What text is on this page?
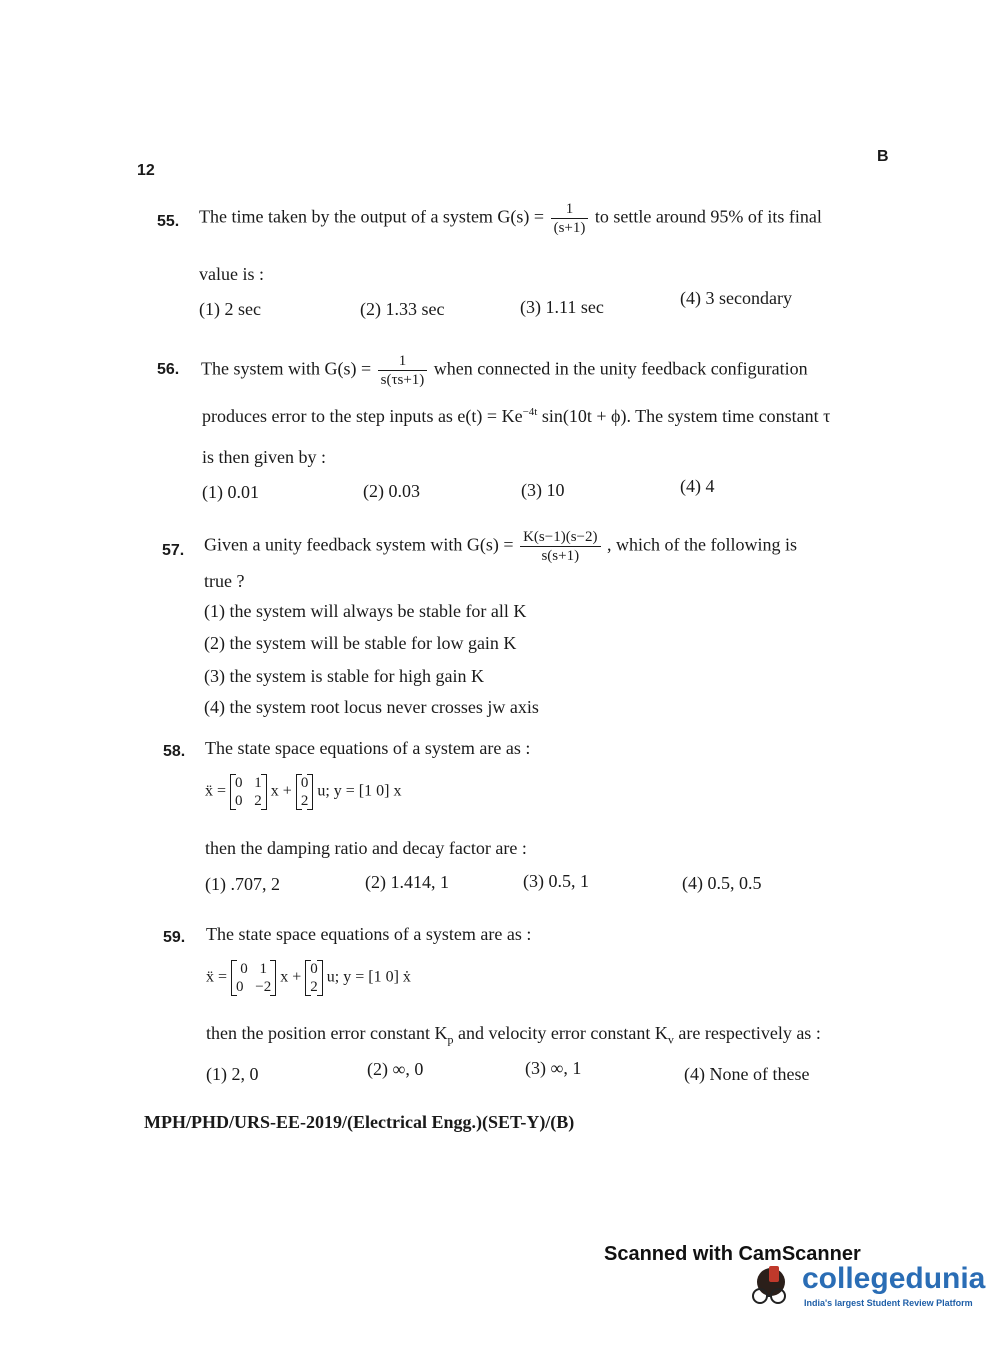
12
B
55. The time taken by the output of a system $G(s) = \frac{1}{(s+1)}$ to settle around 95% of its final
value is :
(1) 2 sec	(2) 1.33 sec	(3) 1.11 sec	(4) 3 secondary
56. The system with $G(s) = \frac{1}{s(\tau s+1)}$ when connected in the unity feedback configuration
produces error to the step inputs as $e(t) = Ke^{-4t}$ sin(10t + ϕ). The system time constant τ
is then given by :
(1) 0.01	(2) 0.03	(3) 10	(4) 4
57. Given a unity feedback system with $G(s) = \frac{K(s-1)(s-2)}{s(s+1)}$ , which of the following is
true ?
(1) the system will always be stable for all K
(2) the system will be stable for low gain K
(3) the system is stable for high gain K
(4) the system root locus never crosses jw axis
58. The state space equations of a system are as :
ẍ = 0 1
0 2
x + 0
2
u; y = [1 0] x
then the damping ratio and decay factor are :
(1) .707, 2	(2) 1.414, 1	(3) 0.5, 1	(4) 0.5, 0.5
59. The state space equations of a system are as :
ẍ = 0 1
0 −2
x + 0
2
u; y = [1 0] ẋ
then the position error constant $K_p$ and velocity error constant $K_v$ are respectively as :
(1) 2, 0	(2) ∞, 0	(3) ∞, 1	(4) None of these
MPH/PHD/URS-EE-2019/(Electrical Engg.)(SET-Y)/(B)
Scanned with CamScanner
collegedunia
India's largest Student Review Platform
